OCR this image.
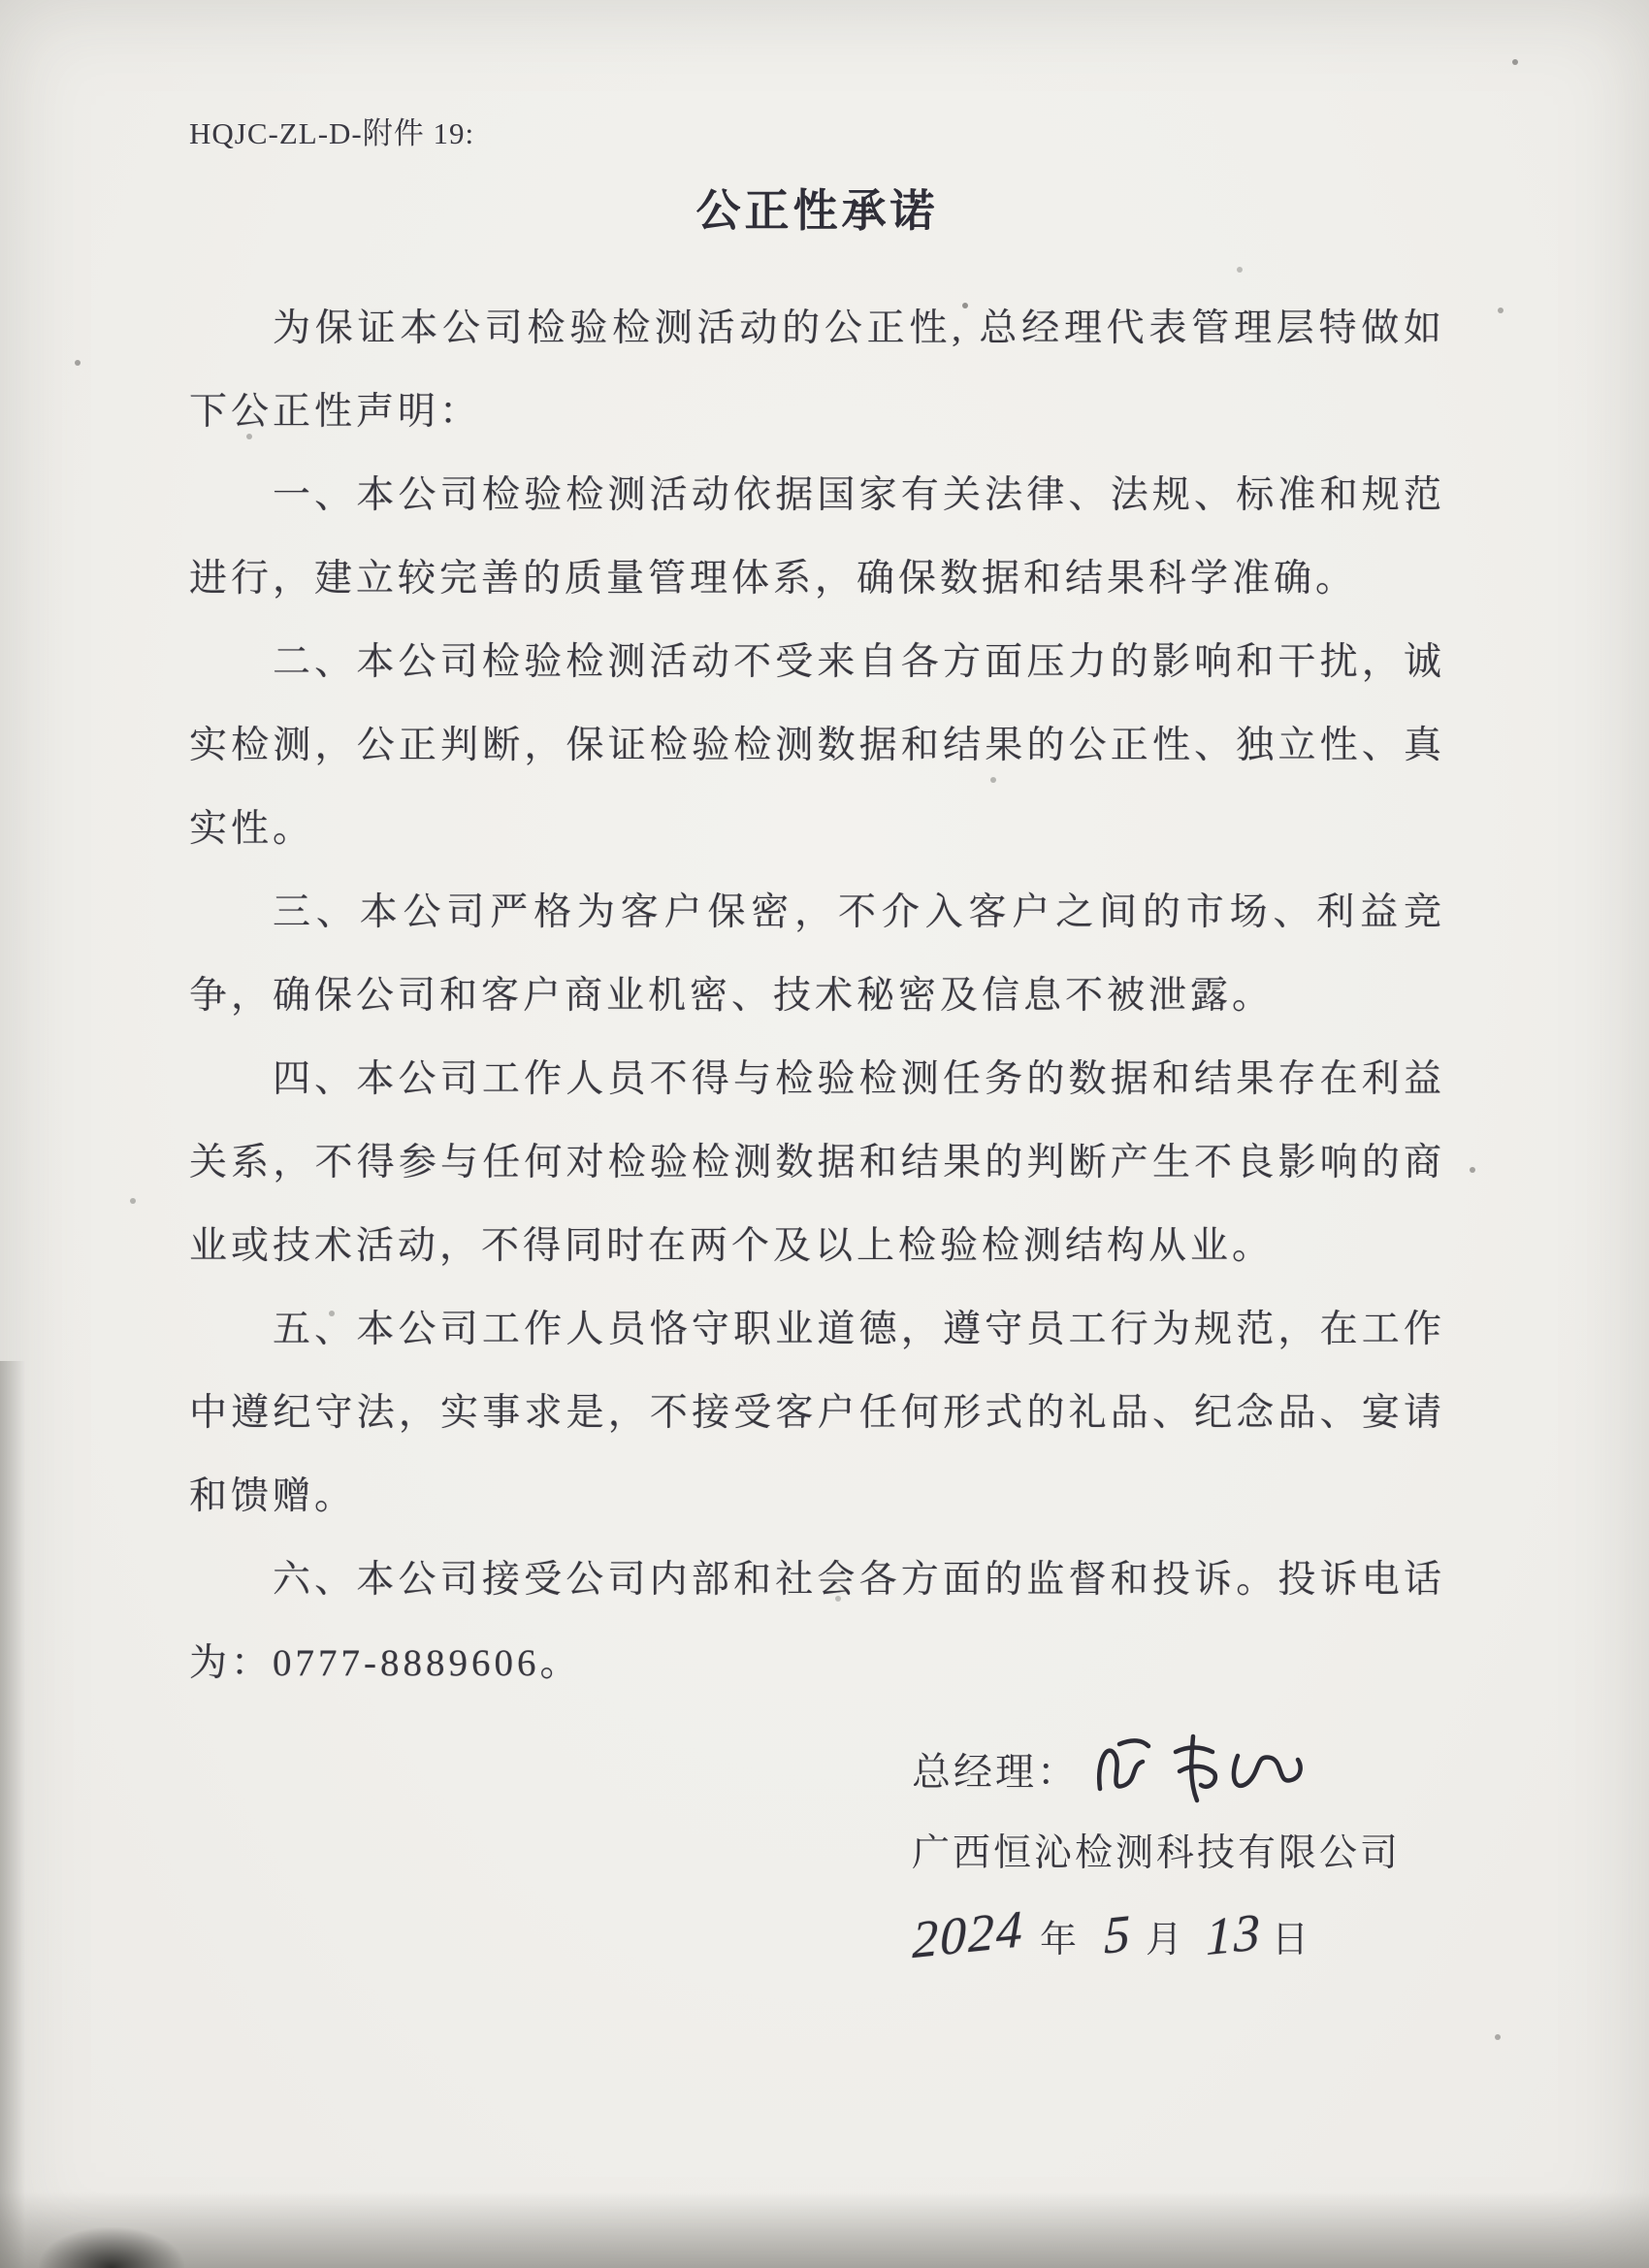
HQJC-ZL-D-附件 19:
公正性承诺

为保证本公司检验检测活动的公正性, 总经理代表管理层特做如下公正性声明：

一、本公司检验检测活动依据国家有关法律、法规、标准和规范进行，建立较完善的质量管理体系，确保数据和结果科学准确。

二、本公司检验检测活动不受来自各方面压力的影响和干扰，诚实检测，公正判断，保证检验检测数据和结果的公正性、独立性、真实性。

三、本公司严格为客户保密，不介入客户之间的市场、利益竞争，确保公司和客户商业机密、技术秘密及信息不被泄露。

四、本公司工作人员不得与检验检测任务的数据和结果存在利益关系，不得参与任何对检验检测数据和结果的判断产生不良影响的商业或技术活动，不得同时在两个及以上检验检测结构从业。

五、本公司工作人员恪守职业道德，遵守员工行为规范，在工作中遵纪守法，实事求是，不接受客户任何形式的礼品、纪念品、宴请和馈赠。

六、本公司接受公司内部和社会各方面的监督和投诉。投诉电话为：0777-8889606。

总经理：
广西恒沁检测科技有限公司
2024 年 5 月 13 日
